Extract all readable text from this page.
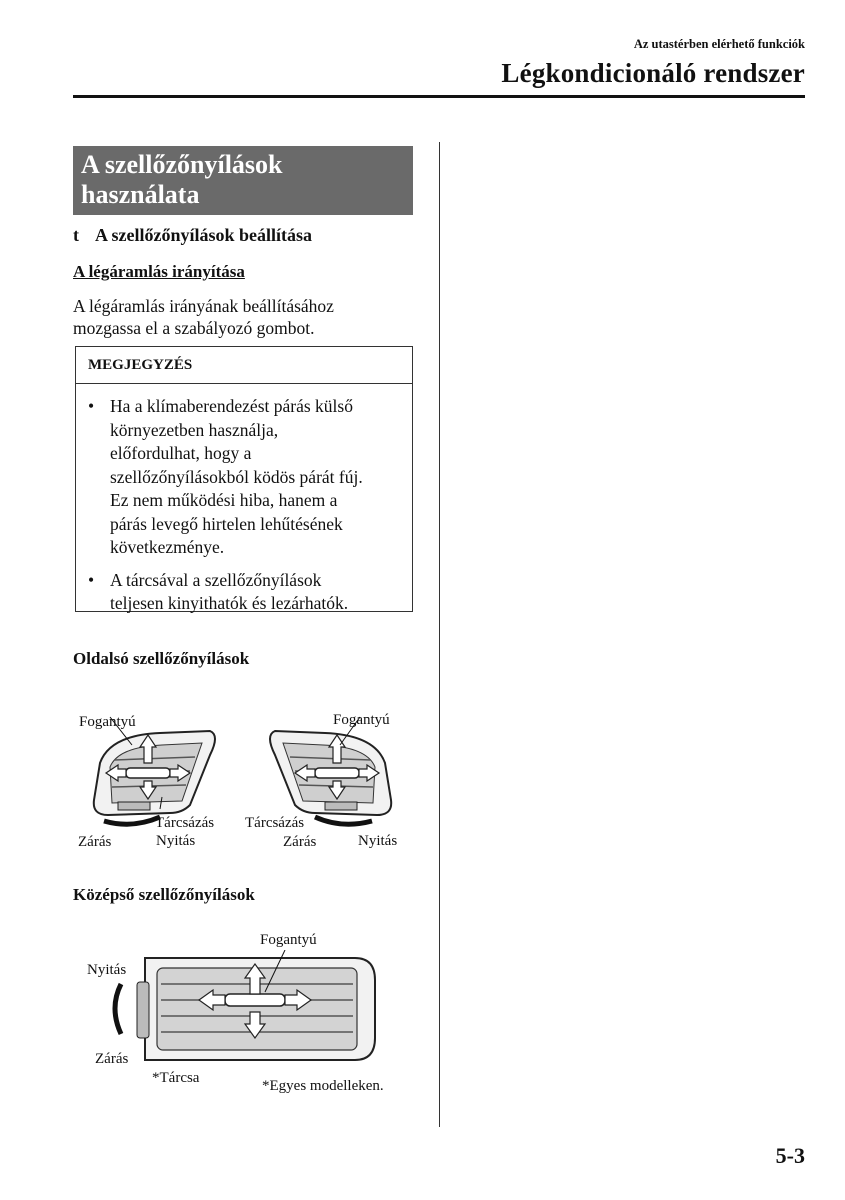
Az utastérben elérhető funkciók
Légkondicionáló rendszer
A szellőzőnyílások
használata
t A szellőzőnyílások beállítása
A légáramlás irányítása
A légáramlás irányának beállításához
mozgassa el a szabályozó gombot.
MEGJEGYZÉS
• Ha a klímaberendezést párás külső
környezetben használja,
előfordulhat, hogy a
szellőzőnyílásokból ködös párát fúj.
Ez nem működési hiba, hanem a
párás levegő hirtelen lehűtésének
következménye.
• A tárcsával a szellőzőnyílások
teljesen kinyithatók és lezárhatók.
Oldalsó szellőzőnyílások
Fogantyú
Tárcsázás
Zárás	Nyitás
Fogantyú
Tárcsázás
Zárás	Nyitás
Középső szellőzőnyílások
Fogantyú
Nyitás
Zárás
*Tárcsa	*Egyes modelleken.
5-3
